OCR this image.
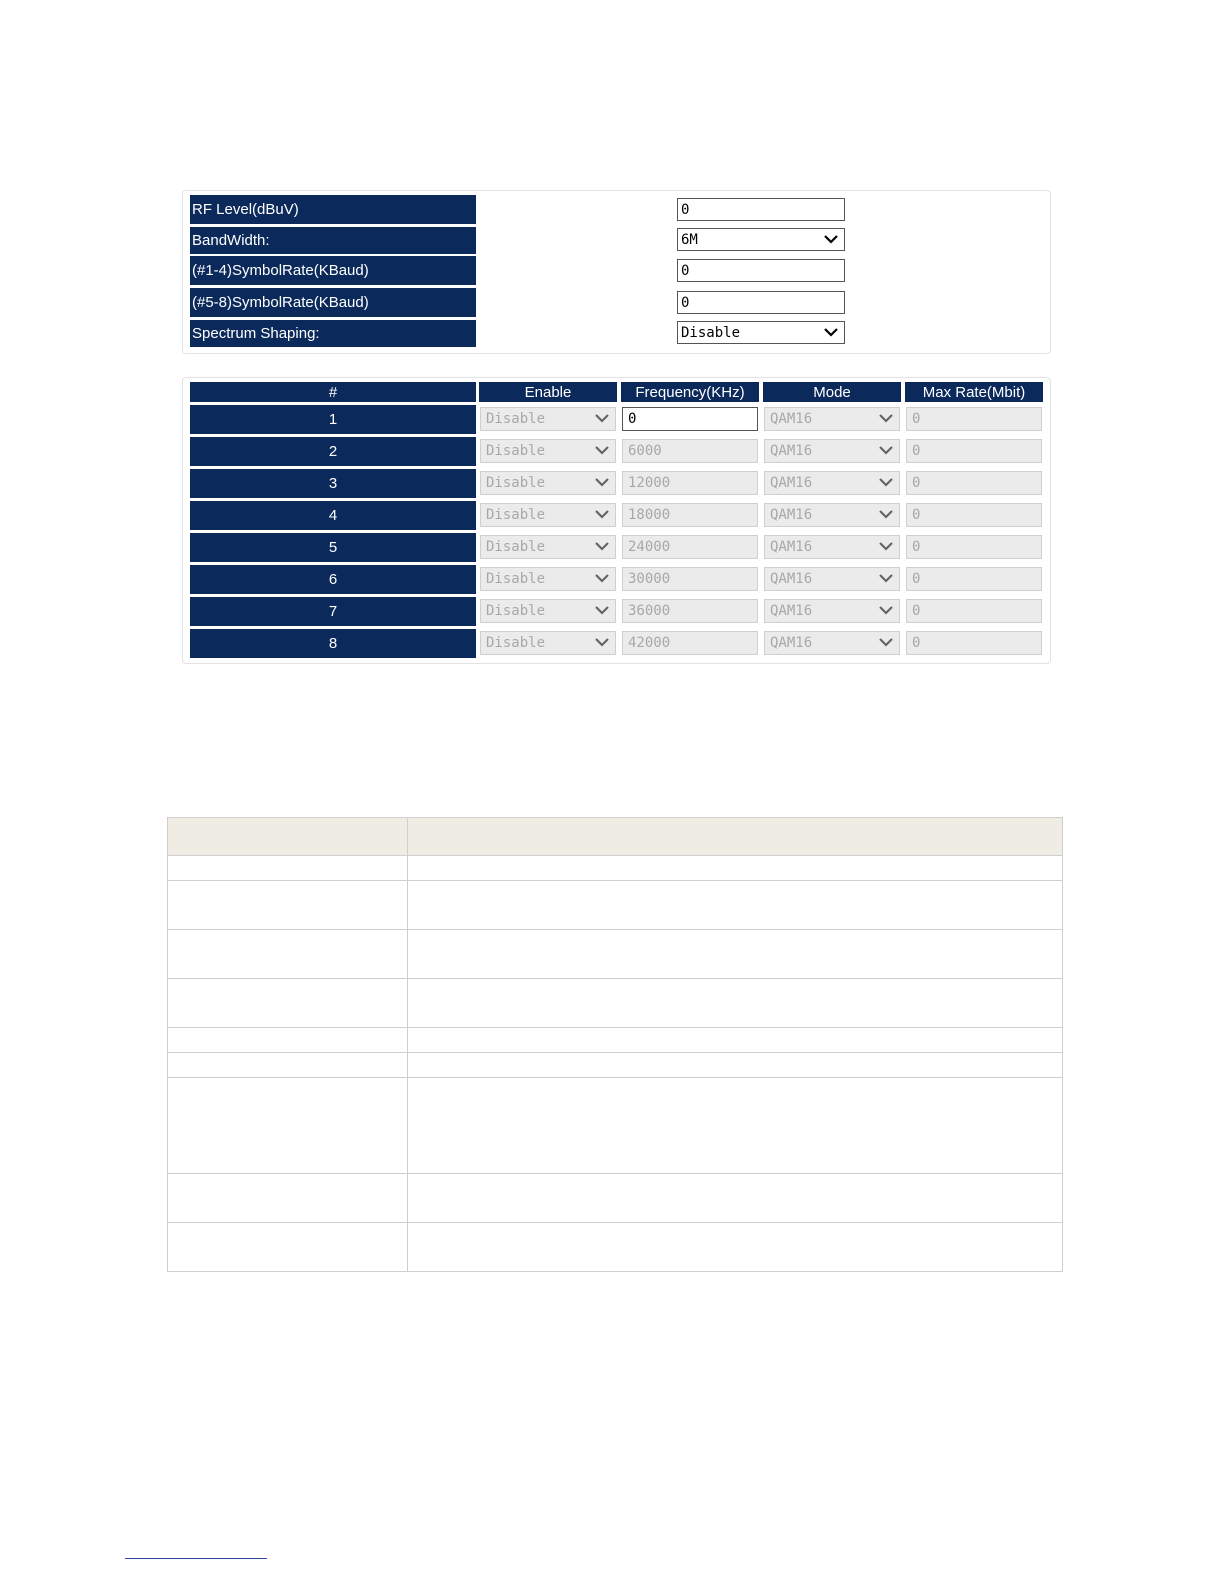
RF Level(dBuV)	0
BandWidth:	6M
(#1-4)SymbolRate(KBaud)	0
(#5-8)SymbolRate(KBaud)	0
Spectrum Shaping:	Disable
#	Enable	Frequency(KHz)	Mode	Max Rate(Mbit)
1	Disable	0	QAM16	0
2	Disable	6000	QAM16	0
3	Disable	12000	QAM16	0
4	Disable	18000	QAM16	0
5	Disable	24000	QAM16	0
6	Disable	30000	QAM16	0
7	Disable	36000	QAM16	0
8	Disable	42000	QAM16	0
